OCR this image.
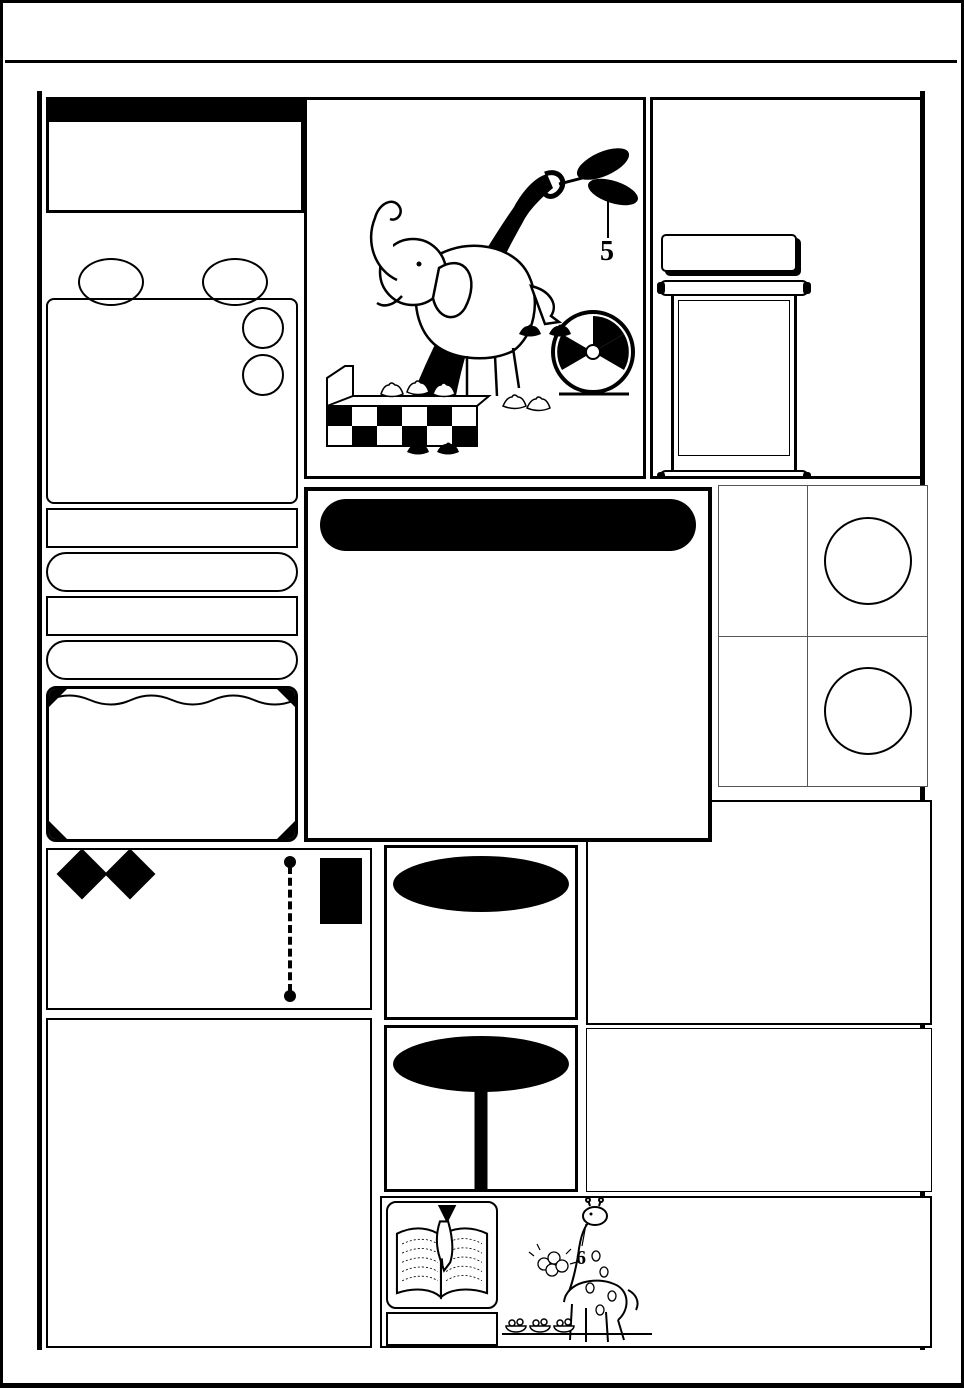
5
6
